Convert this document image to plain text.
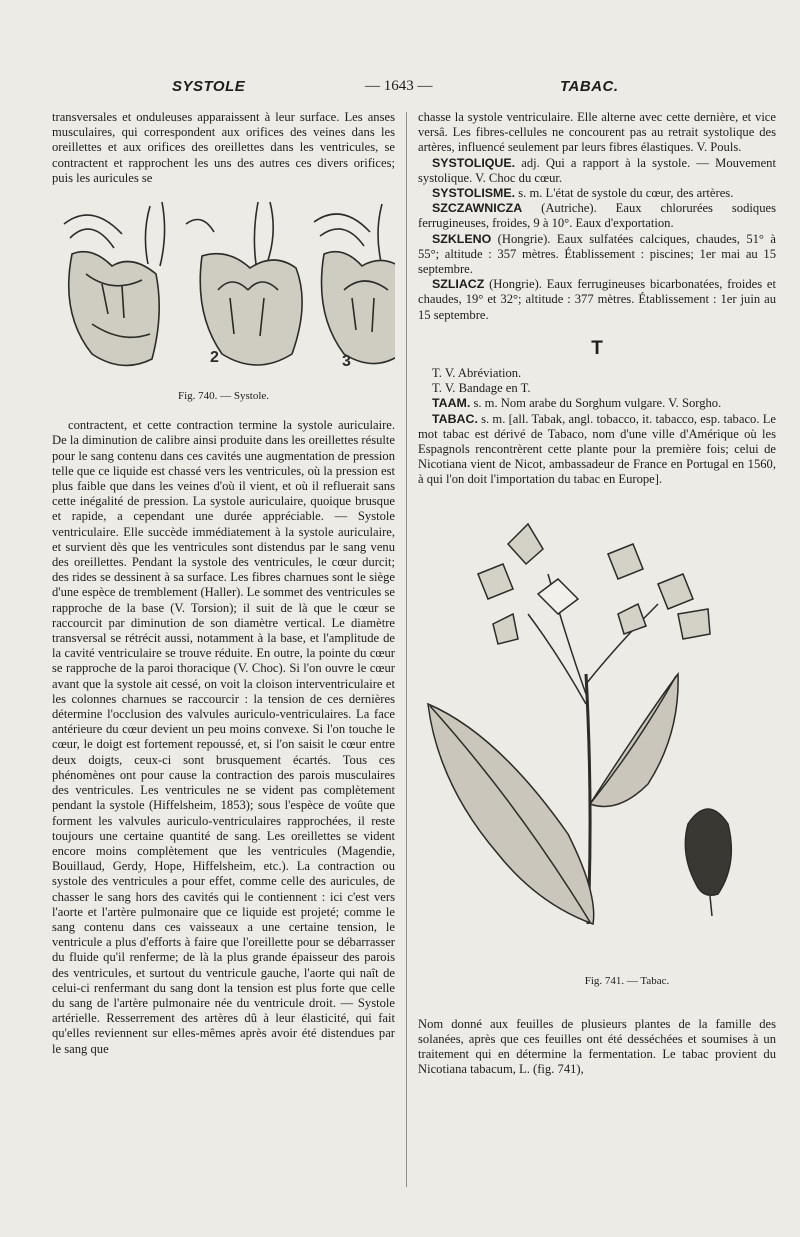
SYSTOLE	— 1643 —	TABAC.

transversales et onduleuses apparaissent à leur surface. Les anses musculaires, qui correspondent aux orifices des veines dans les oreillettes et aux orifices des oreillettes dans les ventricules, se contractent et rapprochent les uns des autres ces divers orifices; puis les auricules se

2	3
Fig. 740. — Systole.

contractent, et cette contraction termine la systole auriculaire. De la diminution de calibre ainsi produite dans les oreillettes résulte pour le sang contenu dans ces cavités une augmentation de pression telle que ce liquide est chassé vers les ventricules, où la pression est plus faible que dans les veines d'où il vient, et où il refluerait sans cette inégalité de pression. La systole auriculaire, quoique brusque et rapide, a cependant une durée appréciable. — Systole ventriculaire. Elle succède immédiatement à la systole auriculaire, et survient dès que les ventricules sont distendus par le sang venu des oreillettes. Pendant la systole des ventricules, le cœur durcit; des rides se dessinent à sa surface. Les fibres charnues sont le siège d'une espèce de tremblement (Haller). Le sommet des ventricules se rapproche de la base (V. Torsion); il suit de là que le cœur se raccourcit par diminution de son diamètre vertical. Le diamètre transversal se rétrécit aussi, notamment à la base, et l'amplitude de la cavité ventriculaire se trouve réduite. En outre, la pointe du cœur se rapproche de la paroi thoracique (V. Choc). Si l'on ouvre le cœur avant que la systole ait cessé, on voit la cloison interventriculaire et les colonnes charnues se raccourcir : la tension de ces dernières détermine l'occlusion des valvules auriculo-ventriculaires. La face antérieure du cœur devient un peu moins convexe. Si l'on touche le cœur, le doigt est fortement repoussé, et, si l'on saisit le cœur entre deux doigts, ceux-ci sont brusquement écartés. Tous ces phénomènes ont pour cause la contraction des parois musculaires des ventricules. Les ventricules ne se vident pas complètement pendant la systole (Hiffelsheim, 1853); sous l'espèce de voûte que forment les valvules auriculo-ventriculaires rapprochées, il reste toujours une certaine quantité de sang. Les oreillettes se vident encore moins complètement que les ventricules (Magendie, Bouillaud, Gerdy, Hope, Hiffelsheim, etc.). La contraction ou systole des ventricules a pour effet, comme celle des auricules, de chasser le sang hors des cavités qui le contiennent : ici c'est vers l'aorte et l'artère pulmonaire que ce liquide est projeté; comme le sang contenu dans ces vaisseaux a une certaine tension, le ventricule a plus d'efforts à faire que l'oreillette pour se débarrasser du fluide qu'il renferme; de là la plus grande épaisseur des parois des ventricules, et surtout du ventricule gauche, l'aorte qui naît de celui-ci renfermant du sang dont la tension est plus forte que celle du sang de l'artère pulmonaire née du ventricule droit. — Systole artérielle. Resserrement des artères dû à leur élasticité, qui fait qu'elles reviennent sur elles-mêmes après avoir été distendues par le sang que

chasse la systole ventriculaire. Elle alterne avec cette dernière, et vice versâ. Les fibres-cellules ne concourent pas au retrait systolique des artères, influencé seulement par leurs fibres élastiques. V. Pouls.

SYSTOLIQUE. adj. Qui a rapport à la systole. — Mouvement systolique. V. Choc du cœur.

SYSTOLISME. s. m. L'état de systole du cœur, des artères.

SZCZAWNICZA (Autriche). Eaux chlorurées sodiques ferrugineuses, froides, 9 à 10°. Eaux d'exportation.

SZKLENO (Hongrie). Eaux sulfatées calciques, chaudes, 51° à 55°; altitude : 357 mètres. Établissement : piscines; 1er mai au 15 septembre.

SZLIACZ (Hongrie). Eaux ferrugineuses bicarbonatées, froides et chaudes, 19° et 32°; altitude : 377 mètres. Établissement : 1er juin au 15 septembre.

T

T. V. Abréviation.

T. V. Bandage en T.

TAAM. s. m. Nom arabe du Sorghum vulgare. V. Sorgho.

TABAC. s. m. [all. Tabak, angl. tobacco, it. tabacco, esp. tabaco. Le mot tabac est dérivé de Tabaco, nom d'une ville d'Amérique où les Espagnols rencontrèrent cette plante pour la première fois; celui de Nicotiana vient de Nicot, ambassadeur de France en Portugal en 1560, à qui l'on doit l'importation du tabac en Europe].

Fig. 741. — Tabac.

Nom donné aux feuilles de plusieurs plantes de la famille des solanées, après que ces feuilles ont été desséchées et soumises à un traitement qui en détermine la fermentation. Le tabac provient du Nicotiana tabacum, L. (fig. 741),
